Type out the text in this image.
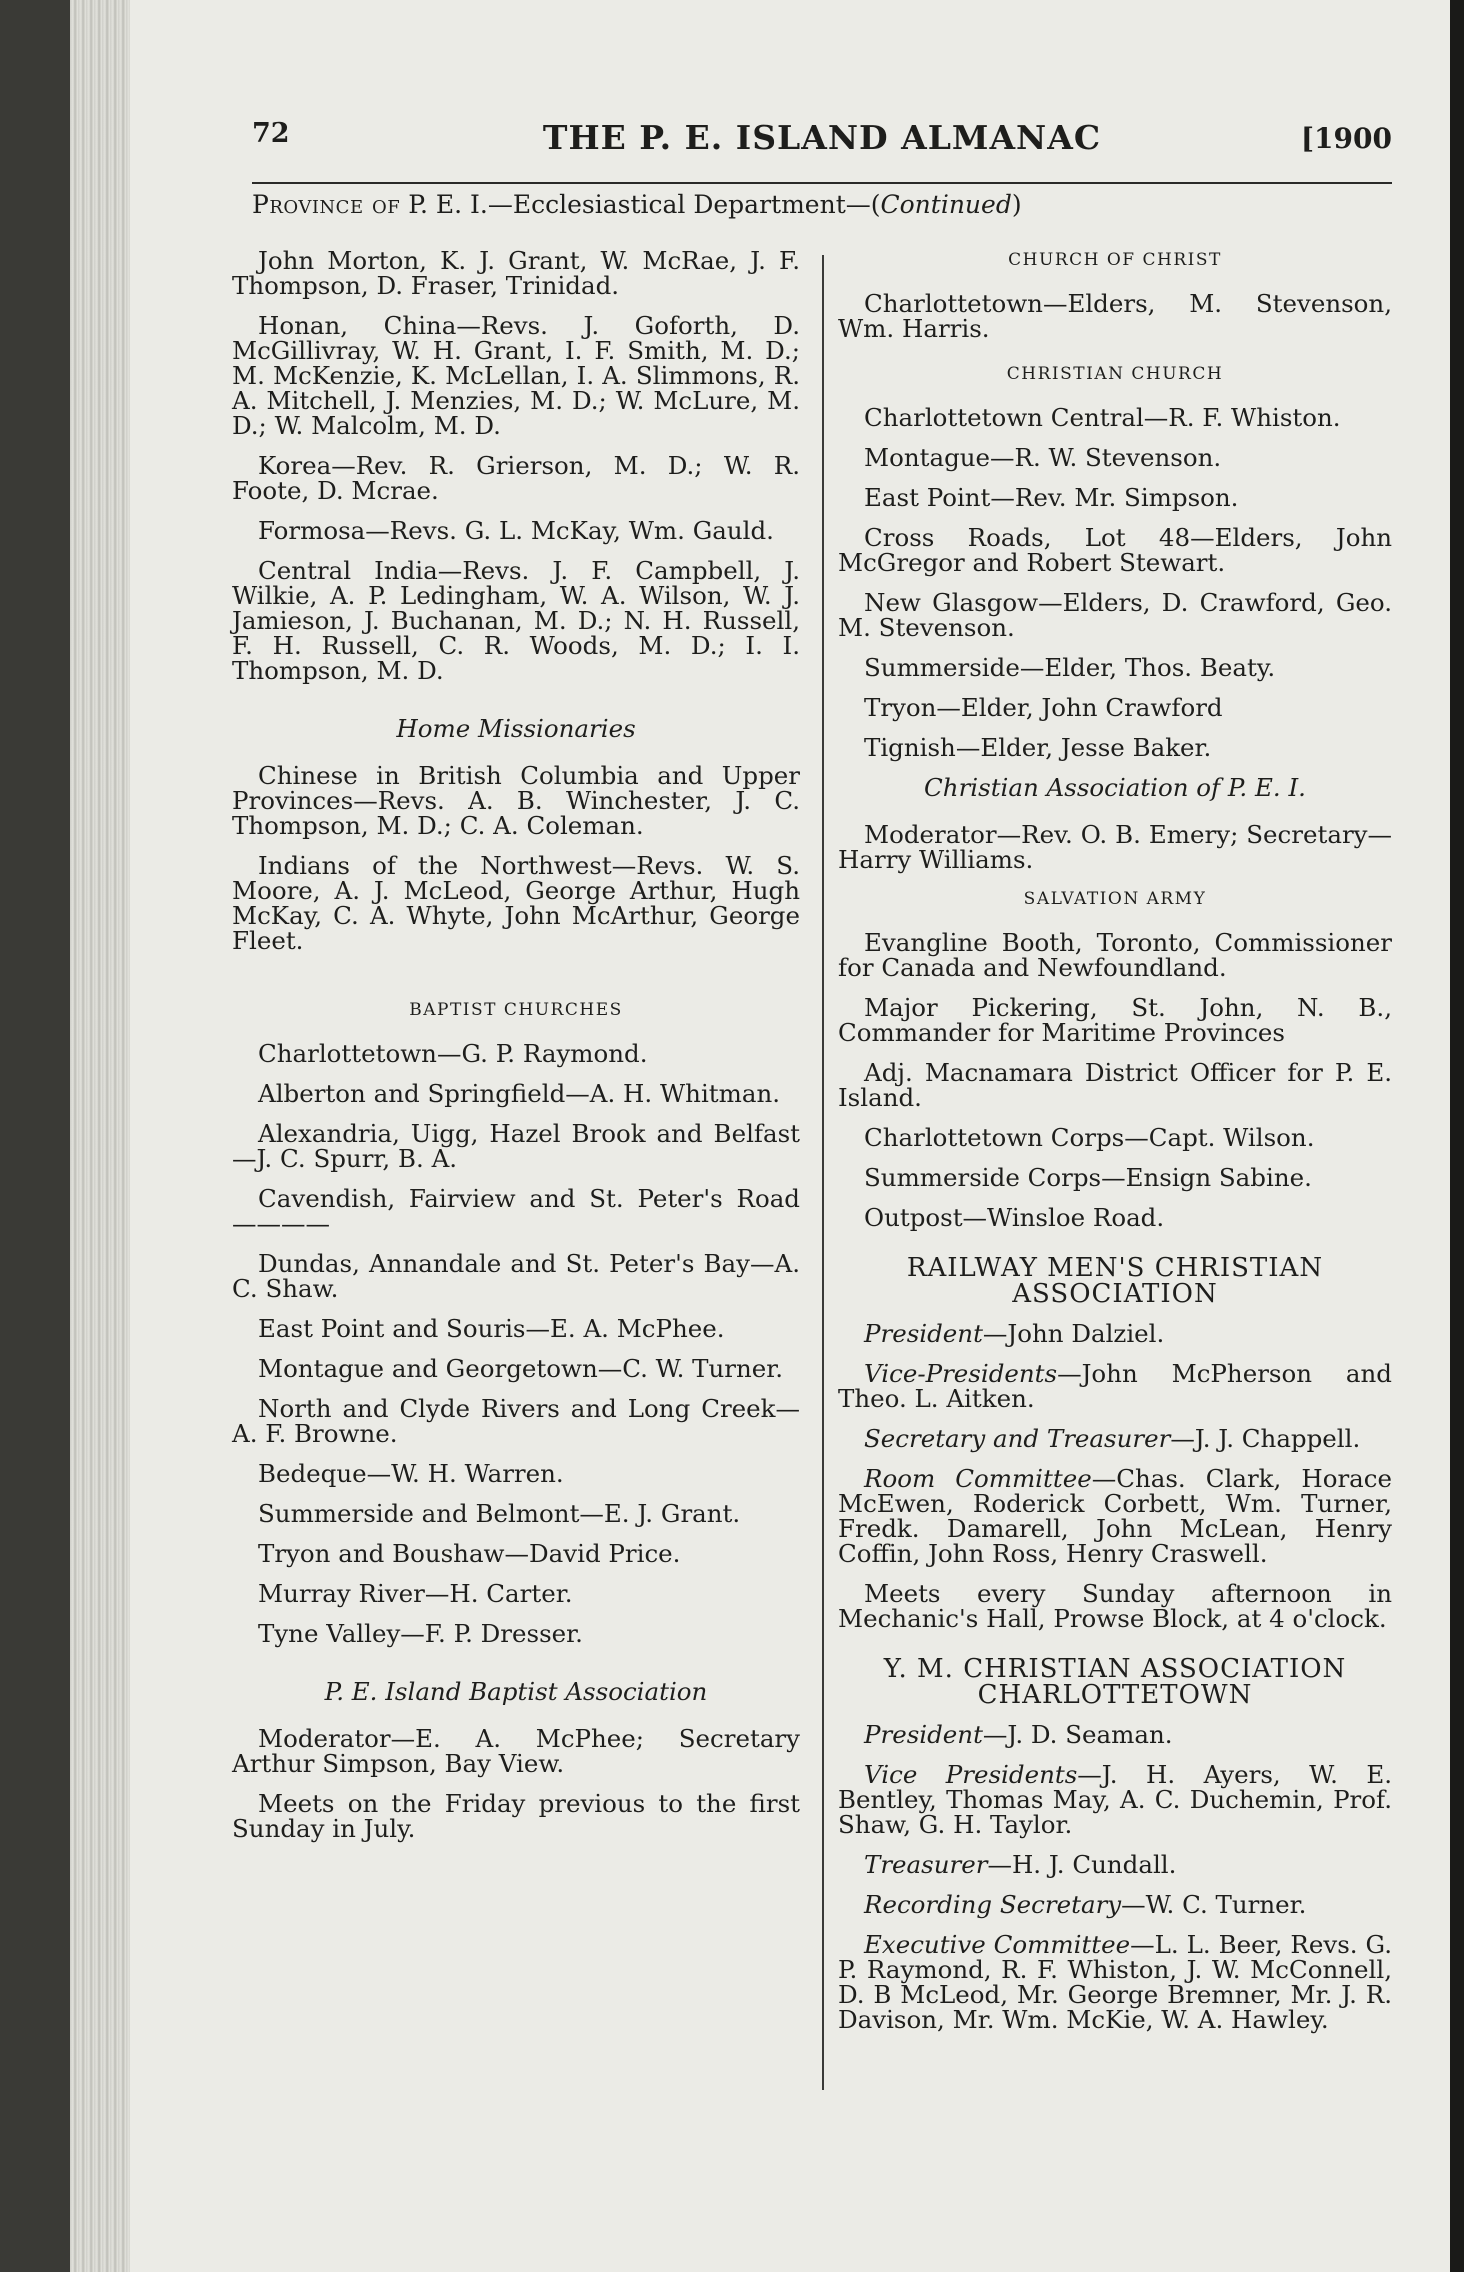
72	THE P. E. ISLAND ALMANAC	[1900
Province of P. E. I.—Ecclesiastical Department—(Continued)

John Morton, K. J. Grant, W. McRae, J. F. Thompson, D. Fraser, Trinidad.

Honan, China—Revs. J. Goforth, D. McGillivray, W. H. Grant, I. F. Smith, M. D.; M. McKenzie, K. McLellan, I. A. Slimmons, R. A. Mitchell, J. Menzies, M. D.; W. McLure, M. D.; W. Malcolm, M. D.

Korea—Rev. R. Grierson, M. D.; W. R. Foote, D. Mcrae.

Formosa—Revs. G. L. McKay, Wm. Gauld.

Central India—Revs. J. F. Campbell, J. Wilkie, A. P. Ledingham, W. A. Wilson, W. J. Jamieson, J. Buchanan, M. D.; N. H. Russell, F. H. Russell, C. R. Woods, M. D.; I. I. Thompson, M. D.

Home Missionaries

Chinese in British Columbia and Upper Provinces—Revs. A. B. Winchester, J. C. Thompson, M. D.; C. A. Coleman.

Indians of the Northwest—Revs. W. S. Moore, A. J. McLeod, George Arthur, Hugh McKay, C. A. Whyte, John McArthur, George Fleet.

BAPTIST CHURCHES

Charlottetown—G. P. Raymond.

Alberton and Springfield—A. H. Whitman.

Alexandria, Uigg, Hazel Brook and Belfast—J. C. Spurr, B. A.

Cavendish, Fairview and St. Peter's Road————

Dundas, Annandale and St. Peter's Bay—A. C. Shaw.

East Point and Souris—E. A. McPhee.

Montague and Georgetown—C. W. Turner.

North and Clyde Rivers and Long Creek—A. F. Browne.

Bedeque—W. H. Warren.

Summerside and Belmont—E. J. Grant.

Tryon and Boushaw—David Price.

Murray River—H. Carter.

Tyne Valley—F. P. Dresser.

P. E. Island Baptist Association

Moderator—E. A. McPhee; Secretary Arthur Simpson, Bay View.

Meets on the Friday previous to the first Sunday in July.

CHURCH OF CHRIST

Charlottetown—Elders, M. Stevenson, Wm. Harris.

CHRISTIAN CHURCH

Charlottetown Central—R. F. Whiston.

Montague—R. W. Stevenson.

East Point—Rev. Mr. Simpson.

Cross Roads, Lot 48—Elders, John McGregor and Robert Stewart.

New Glasgow—Elders, D. Crawford, Geo. M. Stevenson.

Summerside—Elder, Thos. Beaty.

Tryon—Elder, John Crawford

Tignish—Elder, Jesse Baker.

Christian Association of P. E. I.

Moderator—Rev. O. B. Emery; Secretary—Harry Williams.

SALVATION ARMY

Evangline Booth, Toronto, Commissioner for Canada and Newfoundland.

Major Pickering, St. John, N. B., Commander for Maritime Provinces

Adj. Macnamara District Officer for P. E. Island.

Charlottetown Corps—Capt. Wilson.

Summerside Corps—Ensign Sabine.

Outpost—Winsloe Road.

RAILWAY MEN'S CHRISTIAN ASSOCIATION

President—John Dalziel.

Vice-Presidents—John McPherson and Theo. L. Aitken.

Secretary and Treasurer—J. J. Chappell.

Room Committee—Chas. Clark, Horace McEwen, Roderick Corbett, Wm. Turner, Fredk. Damarell, John McLean, Henry Coffin, John Ross, Henry Craswell.

Meets every Sunday afternoon in Mechanic's Hall, Prowse Block, at 4 o'clock.

Y. M. CHRISTIAN ASSOCIATION CHARLOTTETOWN

President—J. D. Seaman.

Vice Presidents—J. H. Ayers, W. E. Bentley, Thomas May, A. C. Duchemin, Prof. Shaw, G. H. Taylor.

Treasurer—H. J. Cundall.

Recording Secretary—W. C. Turner.

Executive Committee—L. L. Beer, Revs. G. P. Raymond, R. F. Whiston, J. W. McConnell, D. B McLeod, Mr. George Bremner, Mr. J. R. Davison, Mr. Wm. McKie, W. A. Hawley.
